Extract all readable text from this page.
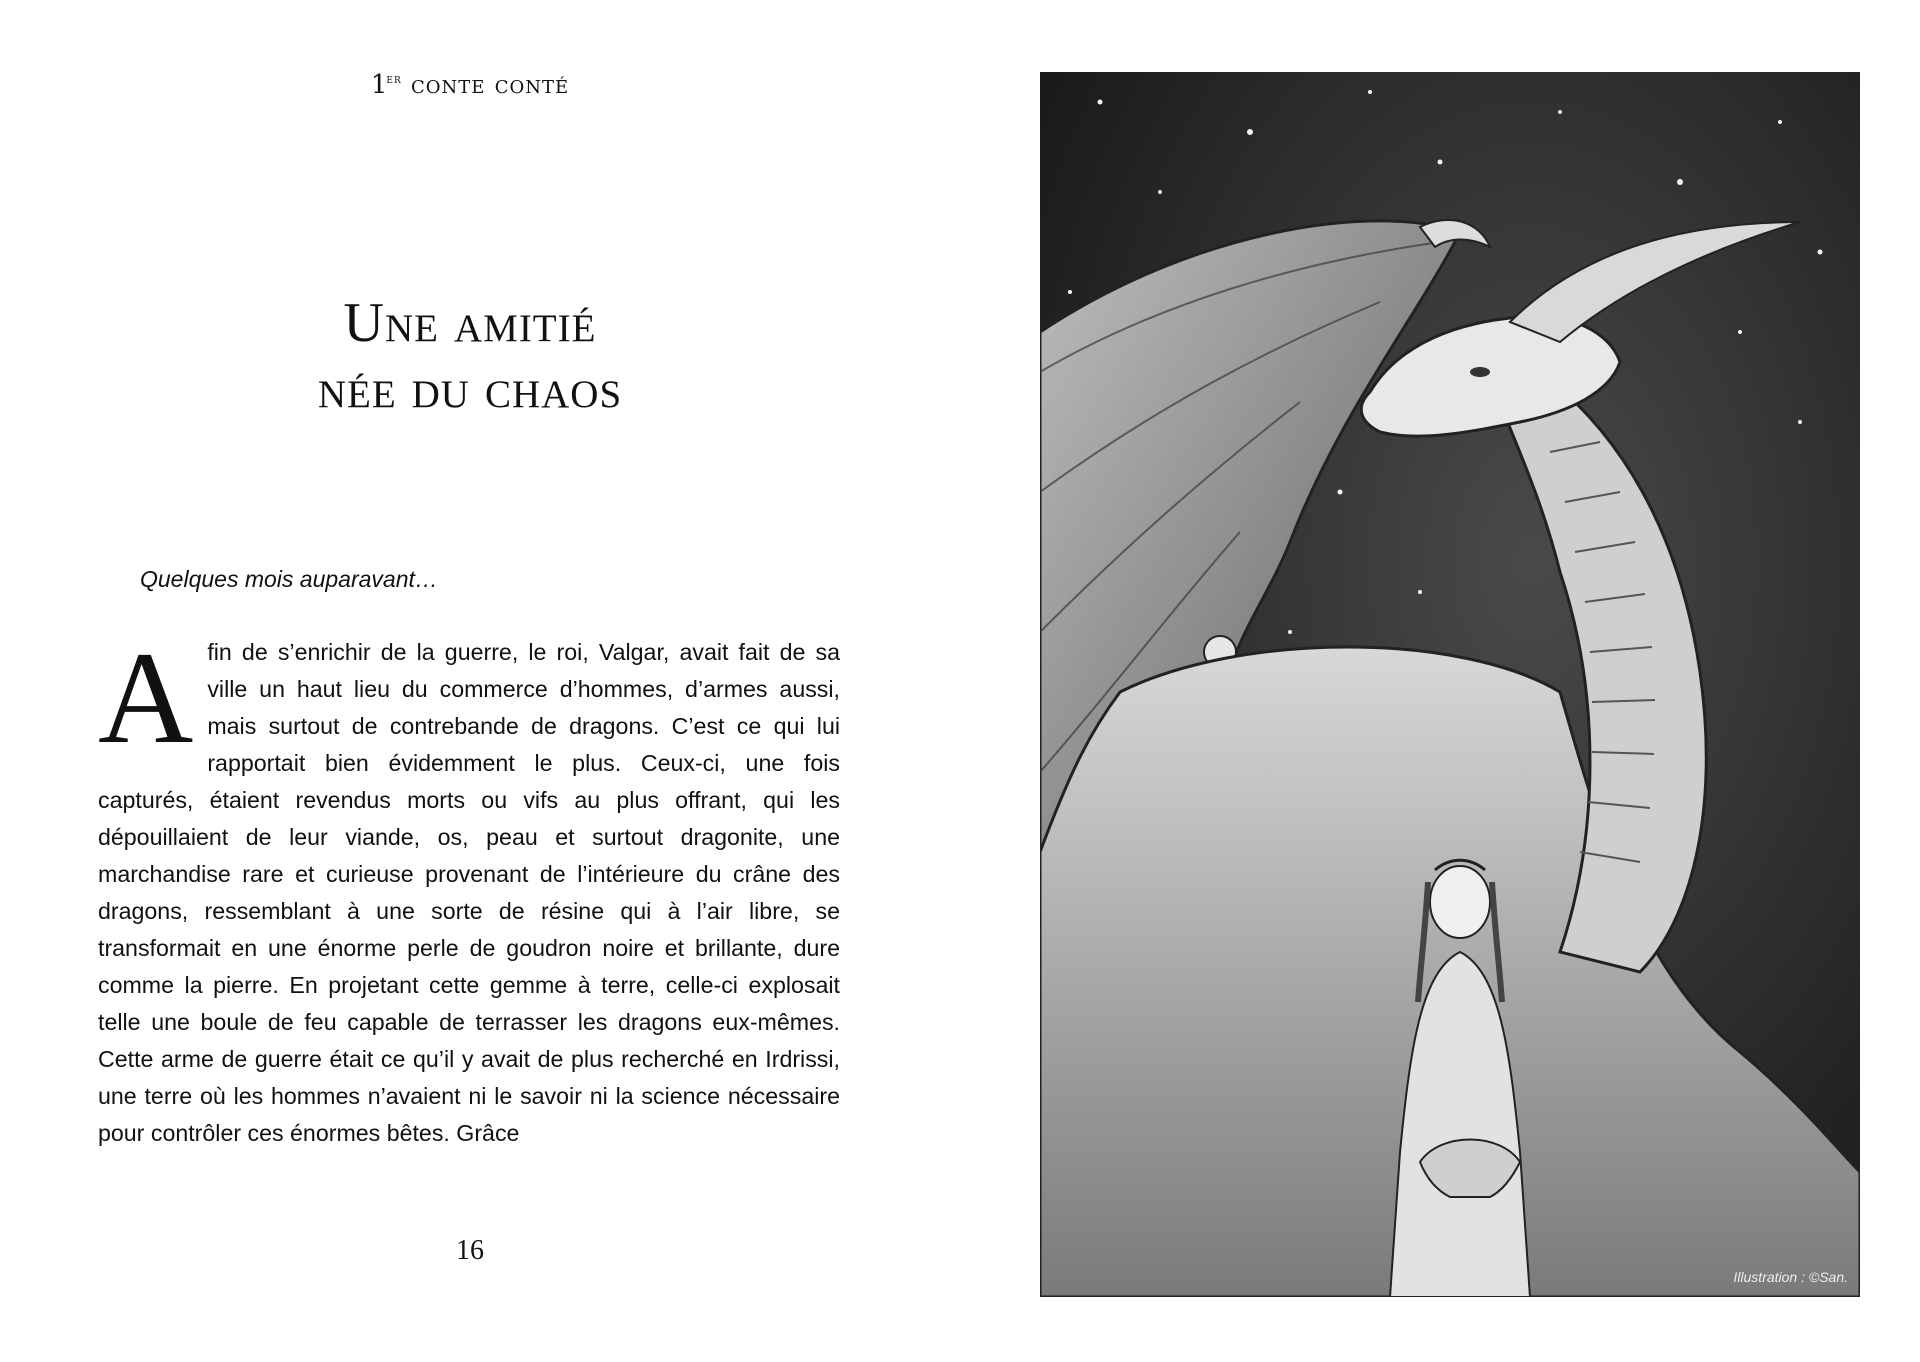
1er conte conté
Une amitié
née du chaos
Quelques mois auparavant…
Afin de s’enrichir de la guerre, le roi, Valgar, avait fait de sa ville un haut lieu du commerce d’hommes, d’armes aussi, mais surtout de contrebande de dragons. C’est ce qui lui rapportait bien évidemment le plus. Ceux-ci, une fois capturés, étaient revendus morts ou vifs au plus offrant, qui les dépouillaient de leur viande, os, peau et surtout dragonite, une marchandise rare et curieuse provenant de l’intérieure du crâne des dragons, ressemblant à une sorte de résine qui à l’air libre, se transformait en une énorme perle de goudron noire et brillante, dure comme la pierre. En projetant cette gemme à terre, celle-ci explosait telle une boule de feu capable de terrasser les dragons eux-mêmes. Cette arme de guerre était ce qu’il y avait de plus recherché en Irdrissi, une terre où les hommes n’avaient ni le savoir ni la science nécessaire pour contrôler ces énormes bêtes. Grâce
16
Illustration : ©San.
